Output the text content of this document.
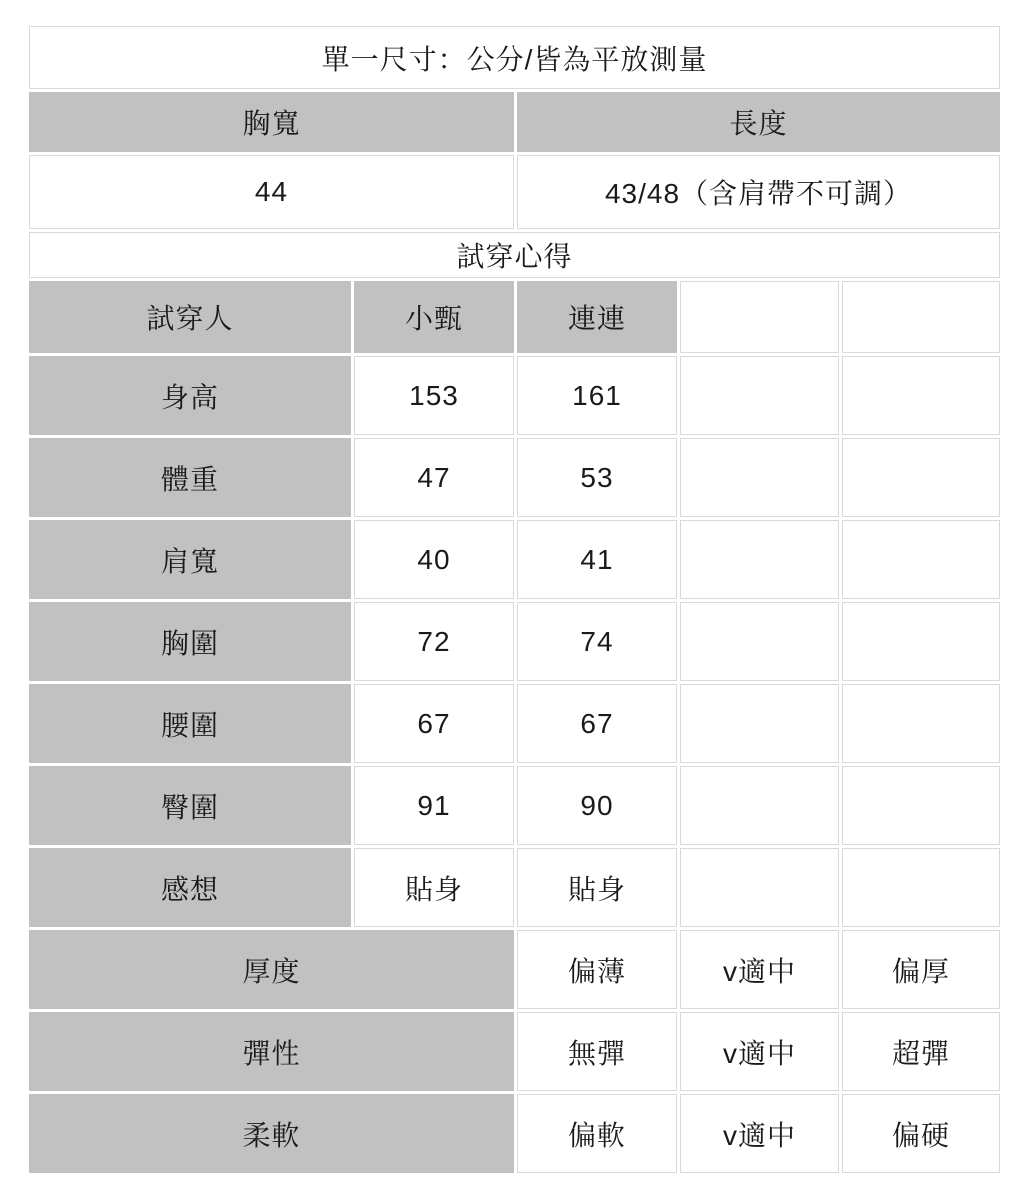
單一尺寸：公分/皆為平放測量				
胸寬		長度		
44		43/48（含肩帶不可調）		
試穿心得				
試穿人	小甄	連連		
身高	153	161		
體重	47	53		
肩寬	40	41		
胸圍	72	74		
腰圍	67	67		
臀圍	91	90		
感想	貼身	貼身		
厚度		偏薄	v適中	偏厚
彈性		無彈	v適中	超彈
柔軟		偏軟	v適中	偏硬
